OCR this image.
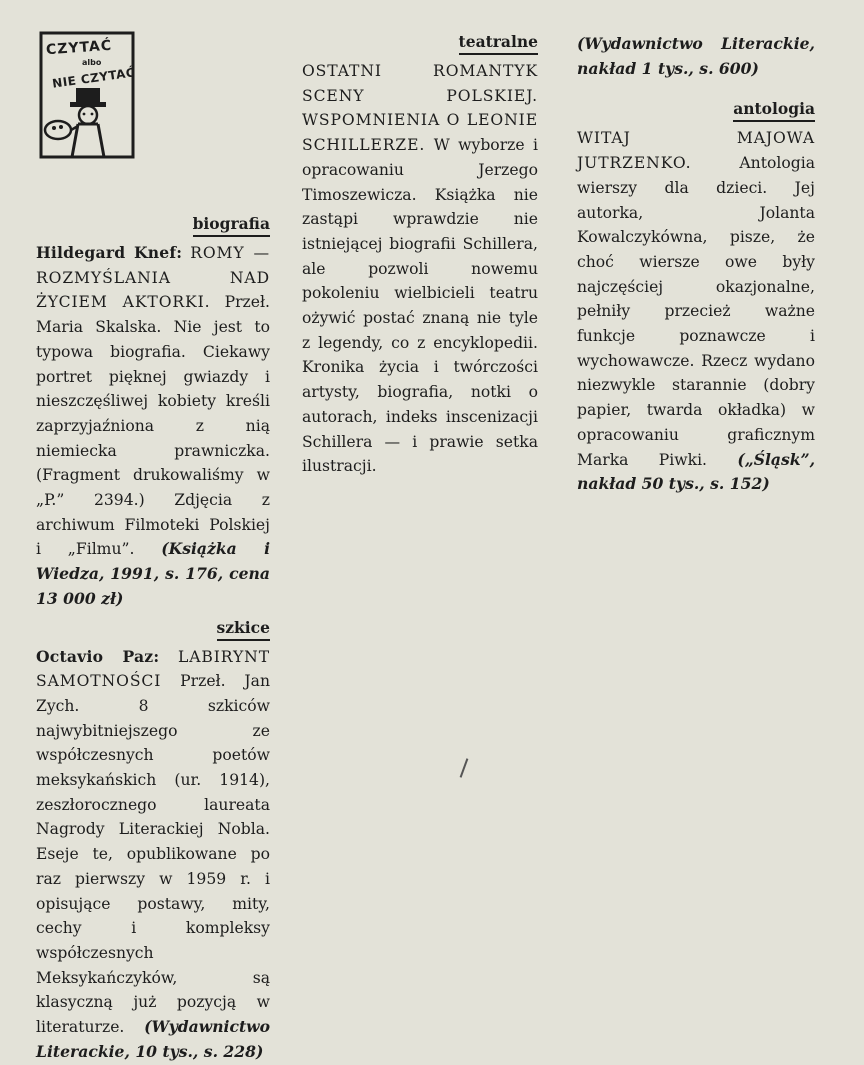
CZYTAĆ
albo
NIE CZYTAĆ
biografia

Hildegard Knef: ROMY — ROZMYŚLANIA NAD ŻYCIEM AKTORKI. Przeł. Maria Skalska. Nie jest to typowa biografia. Ciekawy portret pięknej gwiazdy i nieszczęśliwej kobiety kreśli zaprzyjaźniona z nią niemiecka prawniczka. (Fragment drukowaliśmy w „P.” 2394.) Zdjęcia z archiwum Filmoteki Polskiej i „Filmu”. (Książka i Wiedza, 1991, s. 176, cena 13 000 zł)

szkice

Octavio Paz: LABIRYNT SAMOTNOŚCI Przeł. Jan Zych. 8 szkiców najwybitniejszego ze współczesnych poetów meksykańskich (ur. 1914), zeszłorocznego laureata Nagrody Literackiej Nobla. Eseje te, opublikowane po raz pierwszy w 1959 r. i opisujące postawy, mity, cechy i kompleksy współczesnych Meksykańczyków, są klasyczną już pozycją w literaturze. (Wydawnictwo Literackie, 10 tys., s. 228)

teatralne

OSTATNI ROMANTYK SCENY POLSKIEJ. WSPOMNIENIA O LEONIE SCHILLERZE. W wyborze i opracowaniu Jerzego Timoszewicza. Książka nie zastąpi wprawdzie nie istniejącej biografii Schillera, ale pozwoli nowemu pokoleniu wielbicieli teatru ożywić postać znaną nie tyle z legendy, co z encyklopedii. Kronika życia i twórczości artysty, biografia, notki o autorach, indeks inscenizacji Schillera — i prawie setka ilustracji.

(Wydawnictwo Literackie, nakład 1 tys., s. 600)

antologia

WITAJ MAJOWA JUTRZENKO.	Antologia wierszy dla dzieci. Jej autorka, Jolanta Kowalczykówna, pisze, że choć wiersze owe były najczęściej okazjonalne, pełniły przecież ważne funkcje poznawcze i wychowawcze. Rzecz wydano niezwykle starannie (dobry papier, twarda okładka) w opracowaniu graficznym Marka Piwki. („Śląsk”, nakład 50 tys., s. 152)
